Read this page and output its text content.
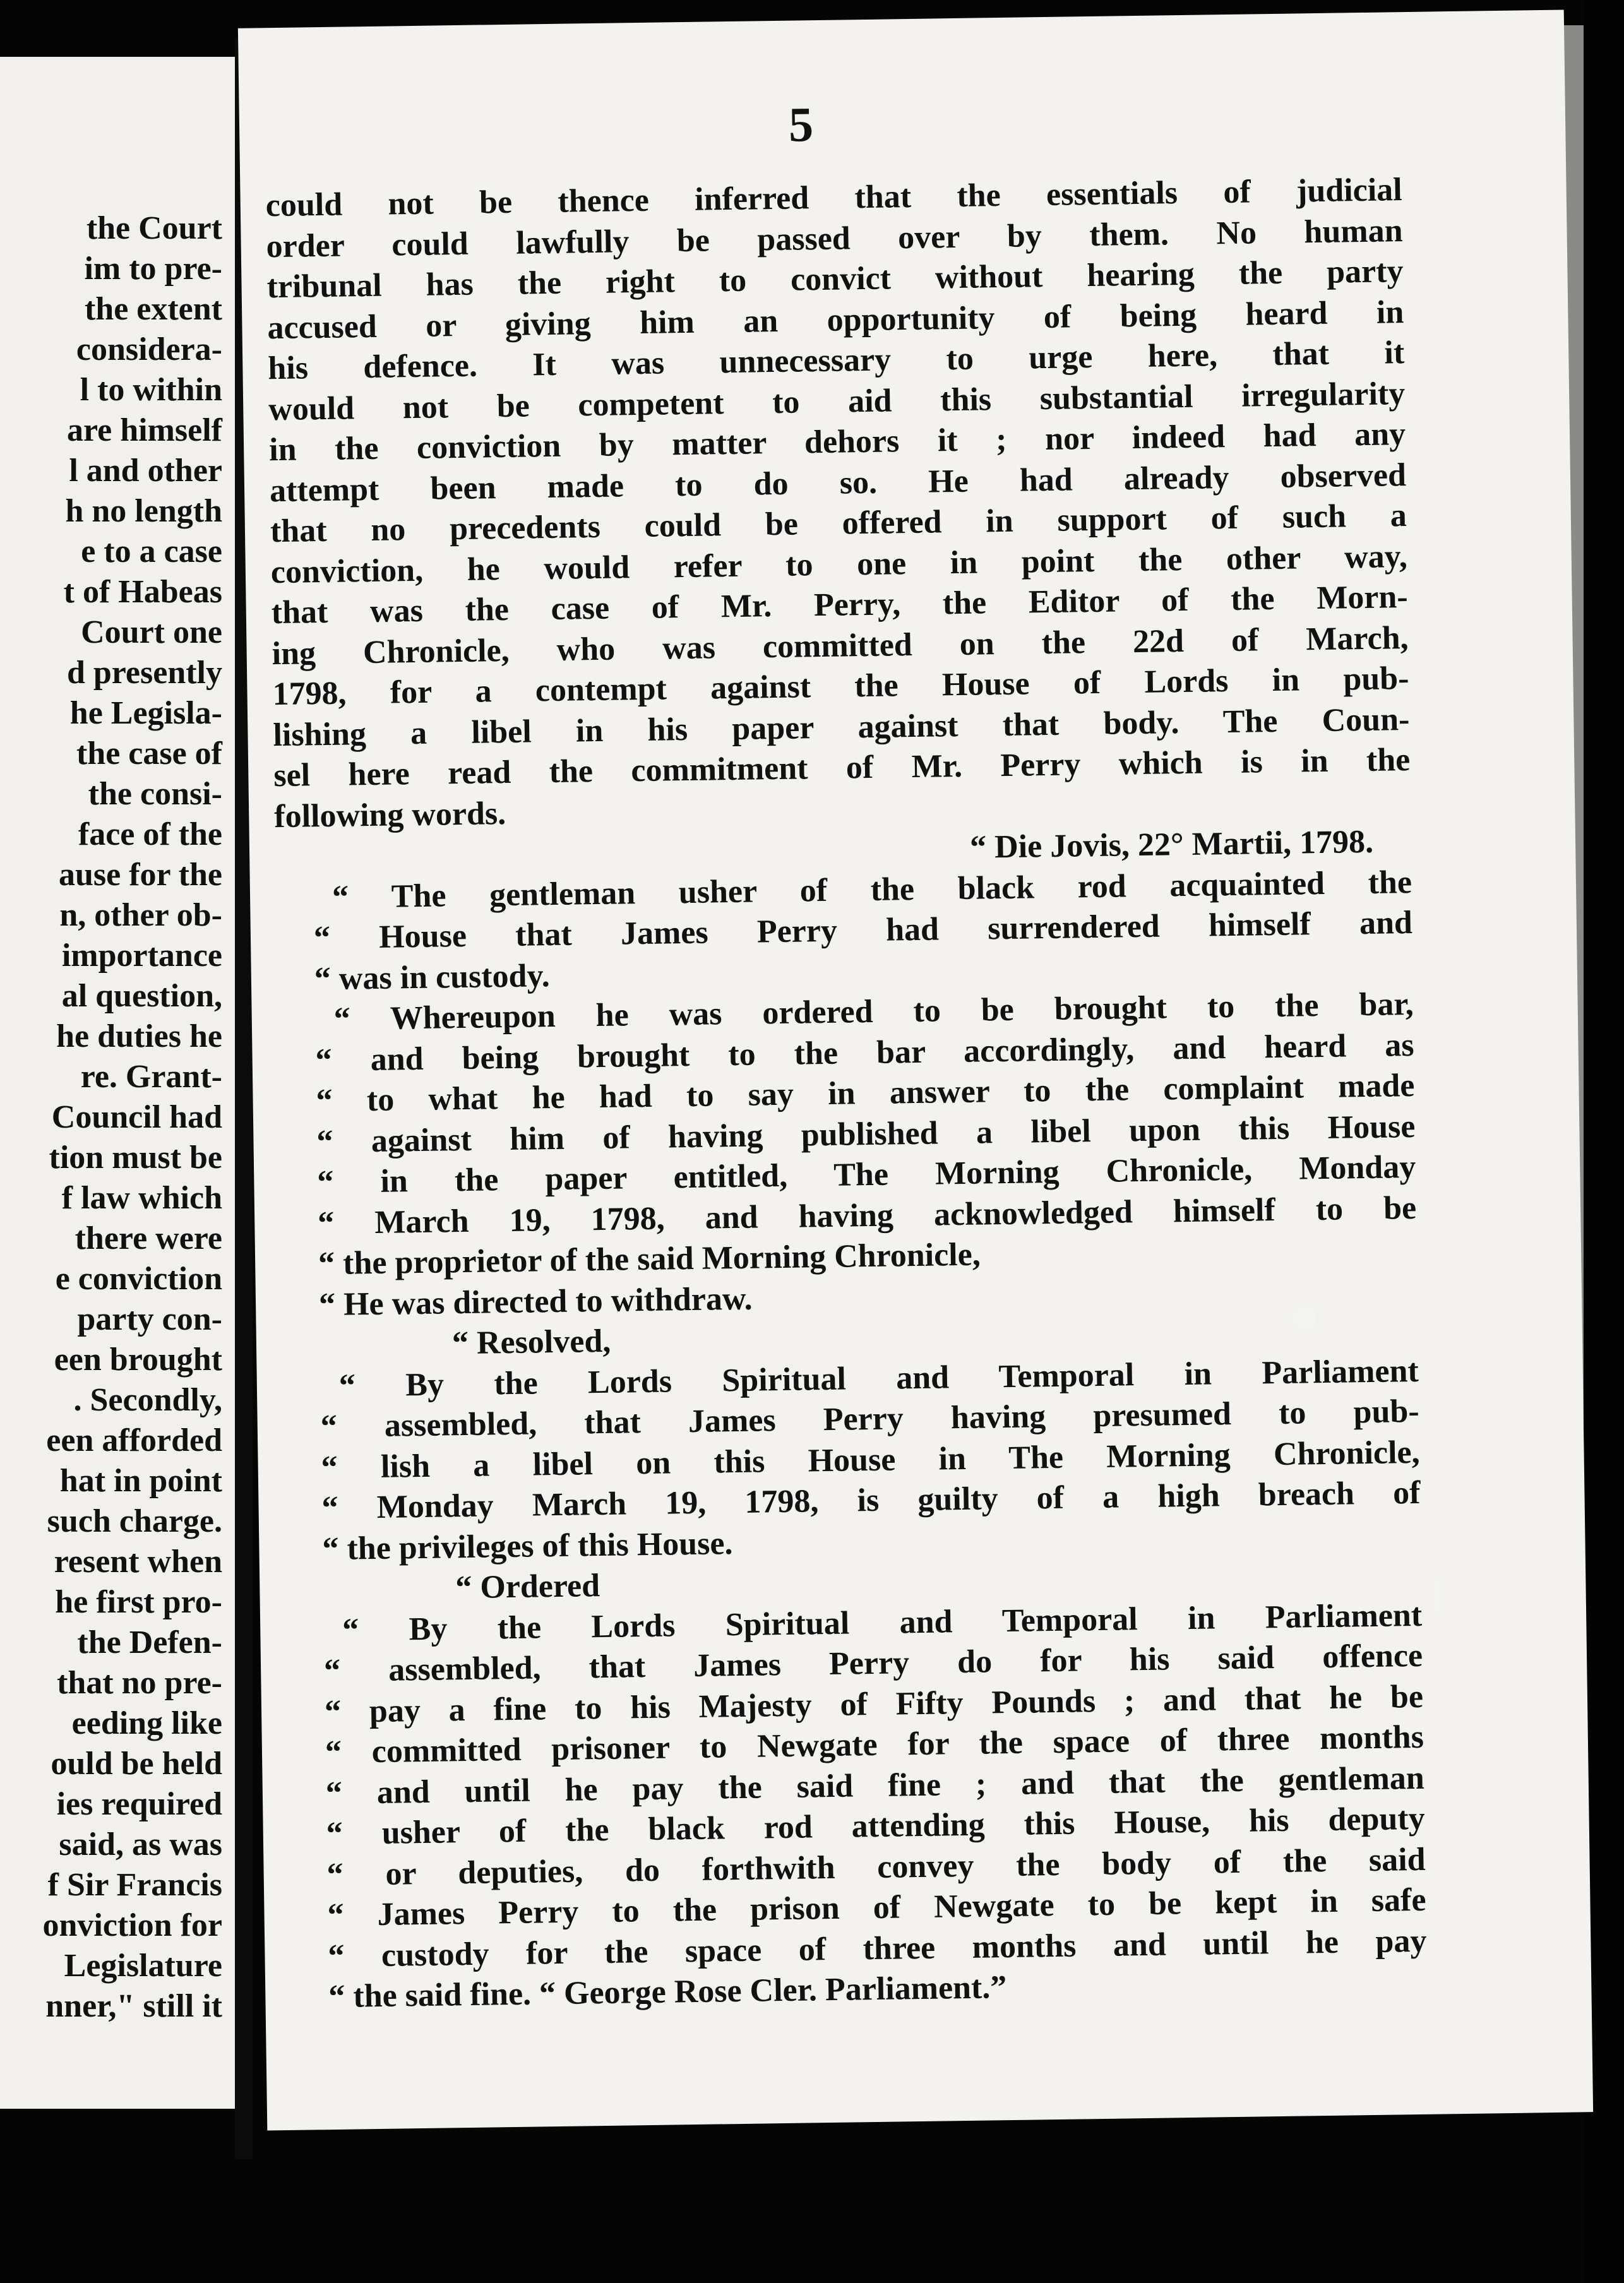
the Court
im to pre-
the extent
considera-
l to within
are himself
l and other
h no length
e to a case
t of Habeas
Court one
d presently
he Legisla-
the case of
the consi-
face of the
ause for the
n, other ob-
importance
al question,
he duties he
re. Grant-
Council had
tion must be
f law which
there were
e conviction
party con-
een brought
. Secondly,
een afforded
hat in point
such charge.
resent when
he first pro-
the Defen-
that no pre-
eeding like
ould be held
ies required
said, as was
f Sir Francis
onviction for
Legislature
nner," still it
5
could not be thence inferred that the essentials of judicial
order could lawfully be passed over by them. No human
tribunal has the right to convict without hearing the party
accused or giving him an opportunity of being heard in
his defence. It was unnecessary to urge here, that it
would not be competent to aid this substantial irregularity
in the conviction by matter dehors it ; nor indeed had any
attempt been made to do so. He had already observed
that no precedents could be offered in support of such a
conviction, he would refer to one in point the other way,
that was the case of Mr. Perry, the Editor of the Morn-
ing Chronicle, who was committed on the 22d of March,
1798, for a contempt against the House of Lords in pub-
lishing a libel in his paper against that body. The Coun-
sel here read the commitment of Mr. Perry which is in the
following words.
“ Die Jovis, 22° Martii, 1798.
“ The gentleman usher of the black rod acquainted the
“ House that James Perry had surrendered himself and
“ was in custody.
“ Whereupon he was ordered to be brought to the bar,
“ and being brought to the bar accordingly, and heard as
“ to what he had to say in answer to the complaint made
“ against him of having published a libel upon this House
“ in the paper entitled, The Morning Chronicle, Monday
“ March 19, 1798, and having acknowledged himself to be
“ the proprietor of the said Morning Chronicle,
“ He was directed to withdraw.
“ Resolved,
“ By the Lords Spiritual and Temporal in Parliament
“ assembled, that James Perry having presumed to pub-
“ lish a libel on this House in The Morning Chronicle,
“ Monday March 19, 1798, is guilty of a high breach of
“ the privileges of this House.
“ Ordered
“ By the Lords Spiritual and Temporal in Parliament
“ assembled, that James Perry do for his said offence
“ pay a fine to his Majesty of Fifty Pounds ; and that he be
“ committed prisoner to Newgate for the space of three months
“ and until he pay the said fine ; and that the gentleman
“ usher of the black rod attending this House, his deputy
“ or deputies, do forthwith convey the body of the said
“ James Perry to the prison of Newgate to be kept in safe
“ custody for the space of three months and until he pay
“ the said fine. “ George Rose Cler. Parliament.”
